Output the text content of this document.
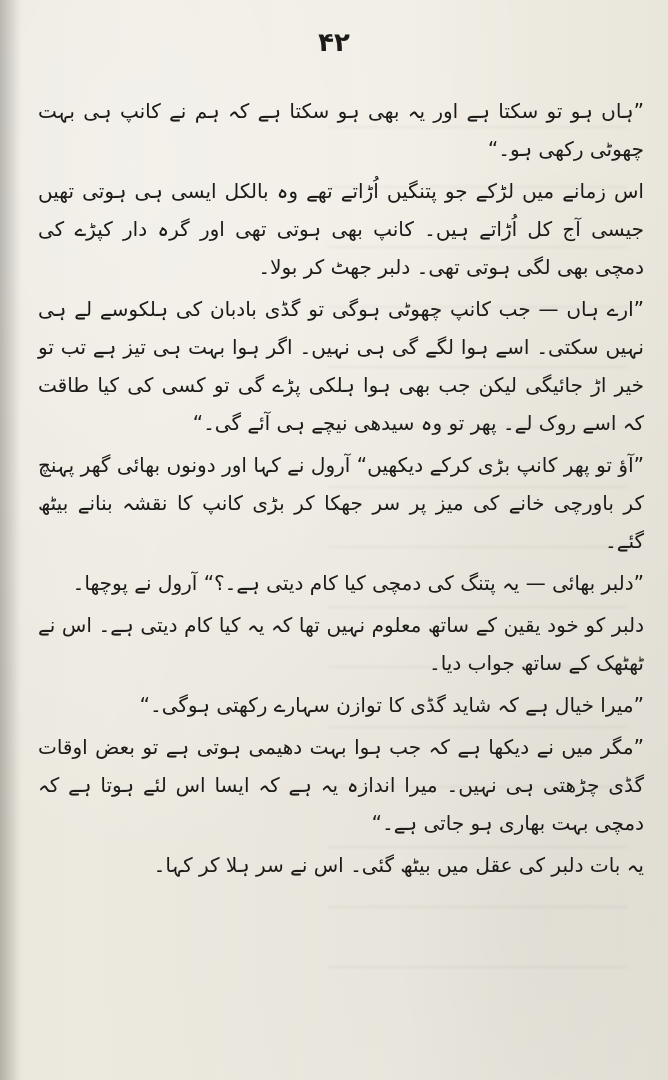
۴۲

”ہاں ہو تو سکتا ہے اور یہ بھی ہو سکتا ہے کہ ہم نے کانپ ہی بہت چھوٹی رکھی ہو۔“

اس زمانے میں لڑکے جو پتنگیں اُڑاتے تھے وہ بالکل ایسی ہی ہوتی تھیں جیسی آج کل اُڑاتے ہیں۔ کانپ بھی ہوتی تھی اور گرہ دار کپڑے کی دمچی بھی لگی ہوتی تھی۔ دلبر جھٹ کر بولا۔

”ارے ہاں — جب کانپ چھوٹی ہوگی تو گڈی بادبان کی ہلکوسے لے ہی نہیں سکتی۔ اسے ہوا لگے گی ہی نہیں۔ اگر ہوا بہت ہی تیز ہے تب تو خیر اڑ جائیگی لیکن جب بھی ہوا ہلکی پڑے گی تو کسی کی کیا طاقت کہ اسے روک لے۔ پھر تو وہ سیدھی نیچے ہی آئے گی۔“

”آؤ تو پھر کانپ بڑی کرکے دیکھیں“ آرول نے کہا اور دونوں بھائی گھر پہنچ کر باورچی خانے کی میز پر سر جھکا کر بڑی کانپ کا نقشہ بنانے بیٹھ گئے۔

”دلبر بھائی — یہ پتنگ کی دمچی کیا کام دیتی ہے۔؟“ آرول نے پوچھا۔

دلبر کو خود یقین کے ساتھ معلوم نہیں تھا کہ یہ کیا کام دیتی ہے۔ اس نے ٹھٹھک کے ساتھ جواب دیا۔

”میرا خیال ہے کہ شاید گڈی کا توازن سہارے رکھتی ہوگی۔“

”مگر میں نے دیکھا ہے کہ جب ہوا بہت دھیمی ہوتی ہے تو بعض اوقات گڈی چڑھتی ہی نہیں۔ میرا اندازہ یہ ہے کہ ایسا اس لئے ہوتا ہے کہ دمچی بہت بھاری ہو جاتی ہے۔“

یہ بات دلبر کی عقل میں بیٹھ گئی۔ اس نے سر ہلا کر کہا۔
